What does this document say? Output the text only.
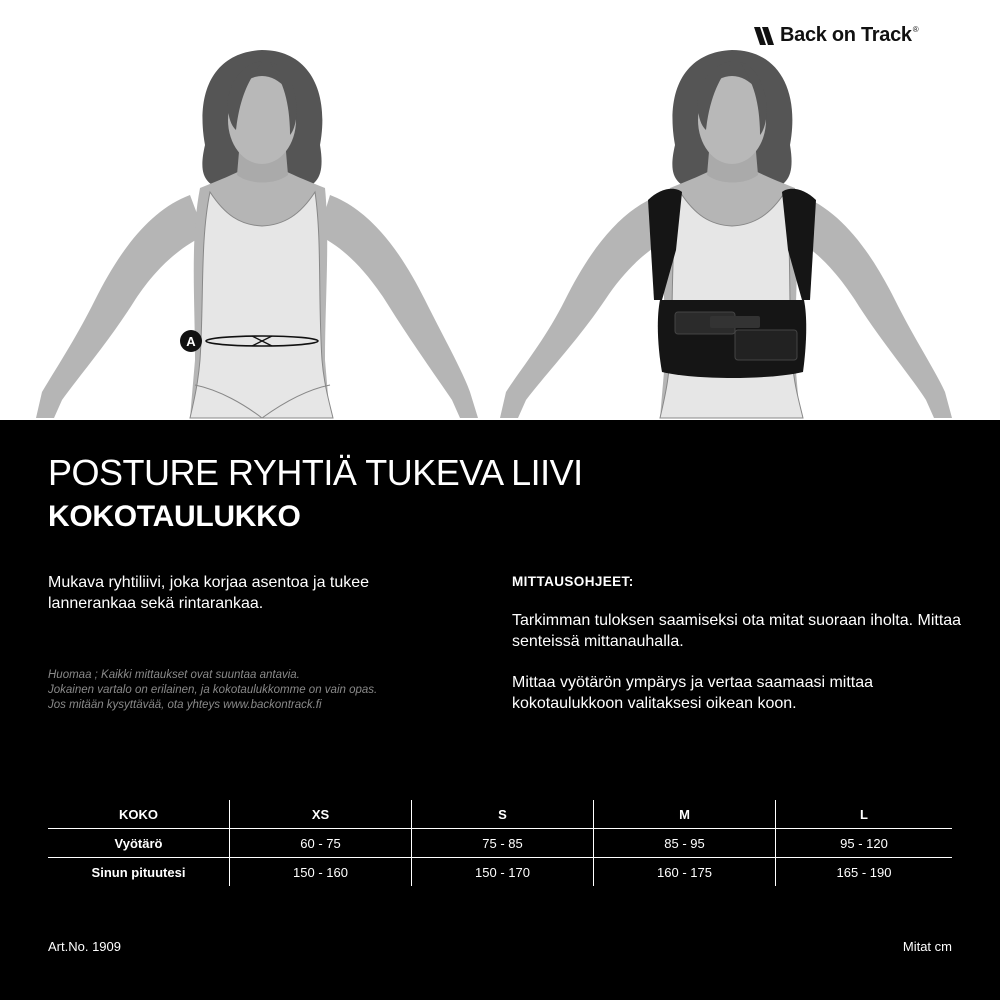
Back on Track®
A
POSTURE RYHTIÄ TUKEVA LIIVI
KOKOTAULUKKO
Mukava ryhtiliivi, joka korjaa asentoa ja tukee lannerankaa sekä rintarankaa.
Huomaa ; Kaikki mittaukset ovat suuntaa antavia.
Jokainen vartalo on erilainen, ja kokotaulukkomme on vain opas.
Jos mitään kysyttävää, ota yhteys www.backontrack.fi
MITTAUSOHJEET:
Tarkimman tuloksen saamiseksi ota mitat suoraan iholta. Mittaa senteissä mittanauhalla.
Mittaa vyötärön ympärys ja vertaa saamaasi mittaa kokotaulukkoon valitaksesi oikean koon.
KOKO	XS	S	M	L
Vyötärö	60 - 75	75 - 85	85 - 95	95 - 120
Sinun pituutesi	150 - 160	150 - 170	160 - 175	165 - 190
Art.No. 1909	Mitat cm
